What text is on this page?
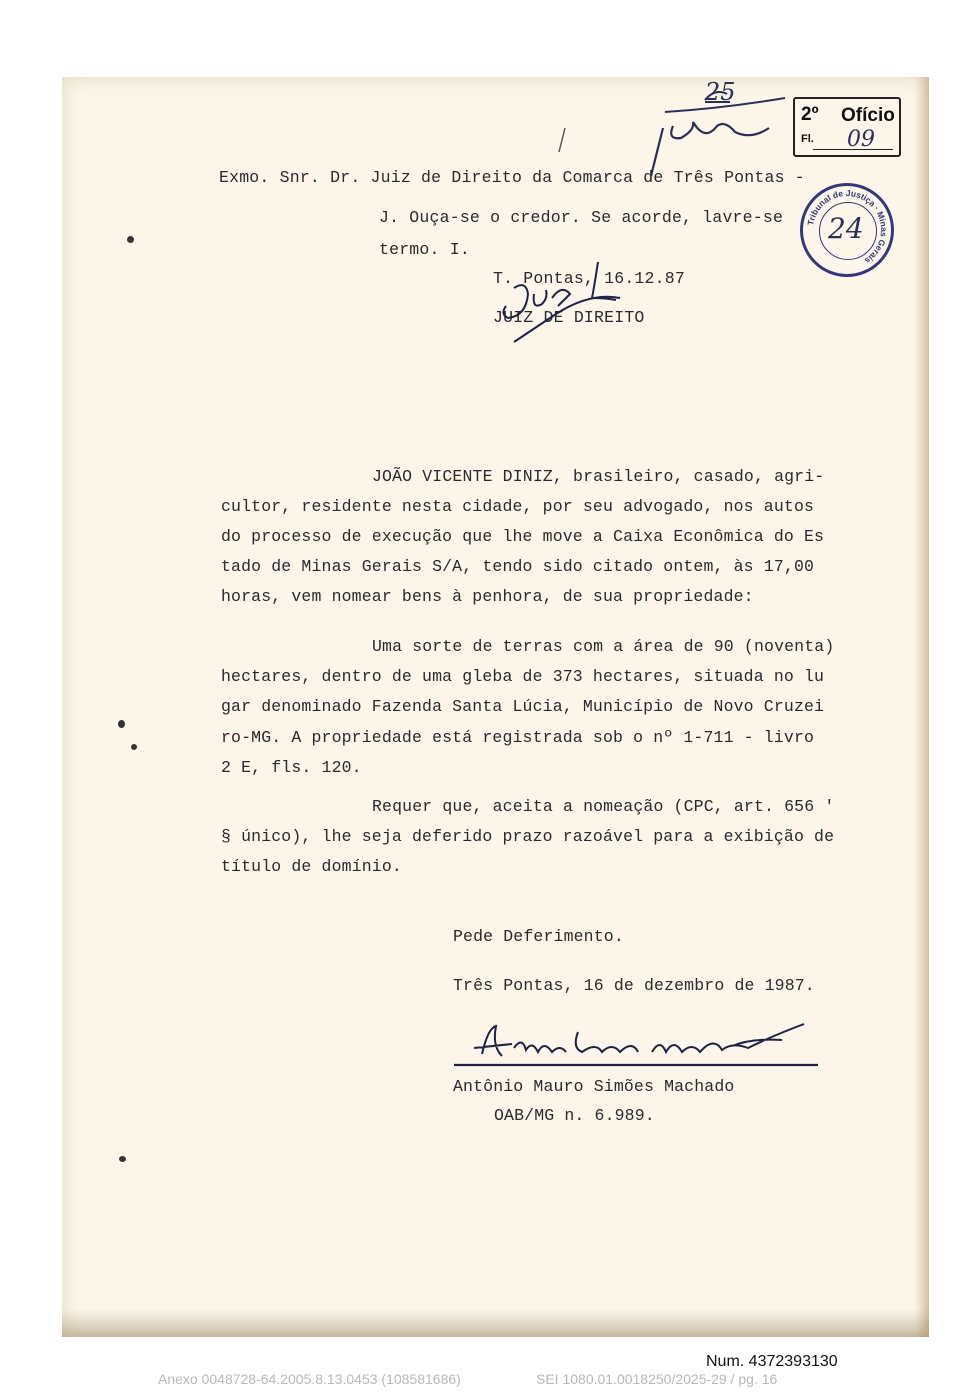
25
2º Ofício
Fl. 09
Tribunal de Justiça · Minas Gerais
24
Exmo. Snr. Dr. Juiz de Direito da Comarca de Três Pontas -
J. Ouça-se o credor. Se acorde, lavre-se
termo. I.
T. Pontas, 16.12.87
JUIZ DE DIREITO
JOÃO VICENTE DINIZ, brasileiro, casado, agri-
cultor, residente nesta cidade, por seu advogado, nos autos
do processo de execução que lhe move a Caixa Econômica do Es
tado de Minas Gerais S/A, tendo sido citado ontem, às 17,00
horas, vem nomear bens à penhora, de sua propriedade:
Uma sorte de terras com a área de 90 (noventa)
hectares, dentro de uma gleba de 373 hectares, situada no lu
gar denominado Fazenda Santa Lúcia, Município de Novo Cruzei
ro-MG. A propriedade está registrada sob o nº 1-711 - livro
2 E, fls. 120.
Requer que, aceita a nomeação (CPC, art. 656 '
§ único), lhe seja deferido prazo razoável para a exibição de
título de domínio.
Pede Deferimento.
Três Pontas, 16 de dezembro de 1987.
Antônio Mauro Simões Machado
OAB/MG n. 6.989.
Num. 4372393130
Anexo 0048728-64.2005.8.13.0453 (108581686)	SEI 1080.01.0018250/2025-29 / pg. 16
